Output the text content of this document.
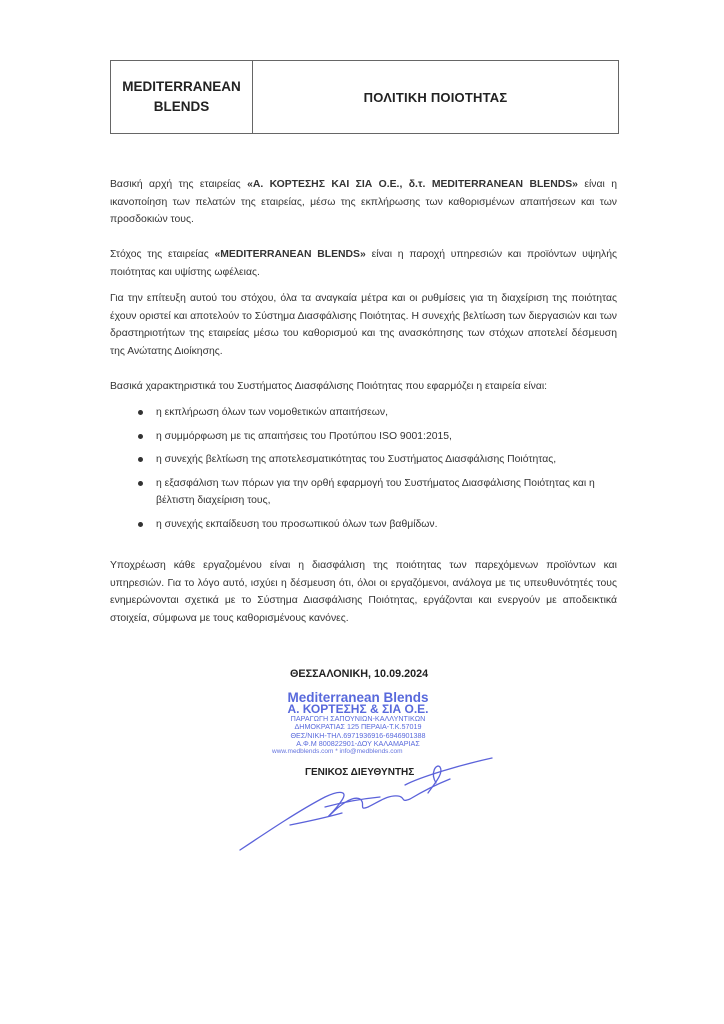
MEDITERRANEAN
BLENDS
ΠΟΛΙΤΙΚΗ ΠΟΙΟΤΗΤΑΣ

Βασική αρχή της εταιρείας «Α. ΚΟΡΤΕΣΗΣ ΚΑΙ ΣΙΑ Ο.Ε., δ.τ. MEDITERRANEAN BLENDS» είναι η ικανοποίηση των πελατών της εταιρείας, μέσω της εκπλήρωσης των καθορισμένων απαιτήσεων και των προσδοκιών τους.

Στόχος της εταιρείας «MEDITERRANEAN BLENDS» είναι η παροχή υπηρεσιών και προϊόντων υψηλής ποιότητας και υψίστης ωφέλειας.

Για την επίτευξη αυτού του στόχου, όλα τα αναγκαία μέτρα και οι ρυθμίσεις για τη διαχείριση της ποιότητας έχουν οριστεί και αποτελούν το Σύστημα Διασφάλισης Ποιότητας. Η συνεχής βελτίωση των διεργασιών και των δραστηριοτήτων της εταιρείας μέσω του καθορισμού και της ανασκόπησης των στόχων αποτελεί δέσμευση της Ανώτατης Διοίκησης.

Βασικά χαρακτηριστικά του Συστήματος Διασφάλισης Ποιότητας που εφαρμόζει η εταιρεία είναι:

η εκπλήρωση όλων των νομοθετικών απαιτήσεων,
η συμμόρφωση με τις απαιτήσεις του Προτύπου ISO 9001:2015,
η συνεχής βελτίωση της αποτελεσματικότητας του Συστήματος Διασφάλισης Ποιότητας,
η εξασφάλιση των πόρων για την ορθή εφαρμογή του Συστήματος Διασφάλισης Ποιότητας και η βέλτιστη διαχείριση τους,
η συνεχής εκπαίδευση του προσωπικού όλων των βαθμίδων.

Υποχρέωση κάθε εργαζομένου είναι η διασφάλιση της ποιότητας των παρεχόμενων προϊόντων και υπηρεσιών. Για το λόγο αυτό, ισχύει η δέσμευση ότι, όλοι οι εργαζόμενοι, ανάλογα με τις υπευθυνότητές τους ενημερώνονται σχετικά με το Σύστημα Διασφάλισης Ποιότητας, εργάζονται και ενεργούν με αποδεικτικά στοιχεία, σύμφωνα με τους καθορισμένους κανόνες.

ΘΕΣΣΑΛΟΝΙΚΗ, 10.09.2024
Mediterranean Blends
Α. ΚΟΡΤΕΣΗΣ & ΣΙΑ Ο.Ε.
ΠΑΡΑΓΩΓΗ ΣΑΠΟΥΝΙΩΝ-ΚΑΛΛΥΝΤΙΚΩΝ
ΔΗΜΟΚΡΑΤΙΑΣ 125 ΠΕΡΑΙΑ-Τ.Κ.57019
ΘΕΣ/ΝΙΚΗ-ΤΗΛ.6971936916-6946901388
Α.Φ.Μ 800822901-ΔΟΥ ΚΑΛΑΜΑΡΙΑΣ
www.medblends.com * info@medblends.com
ΓΕΝΙΚΟΣ ΔΙΕΥΘΥΝΤΗΣ
